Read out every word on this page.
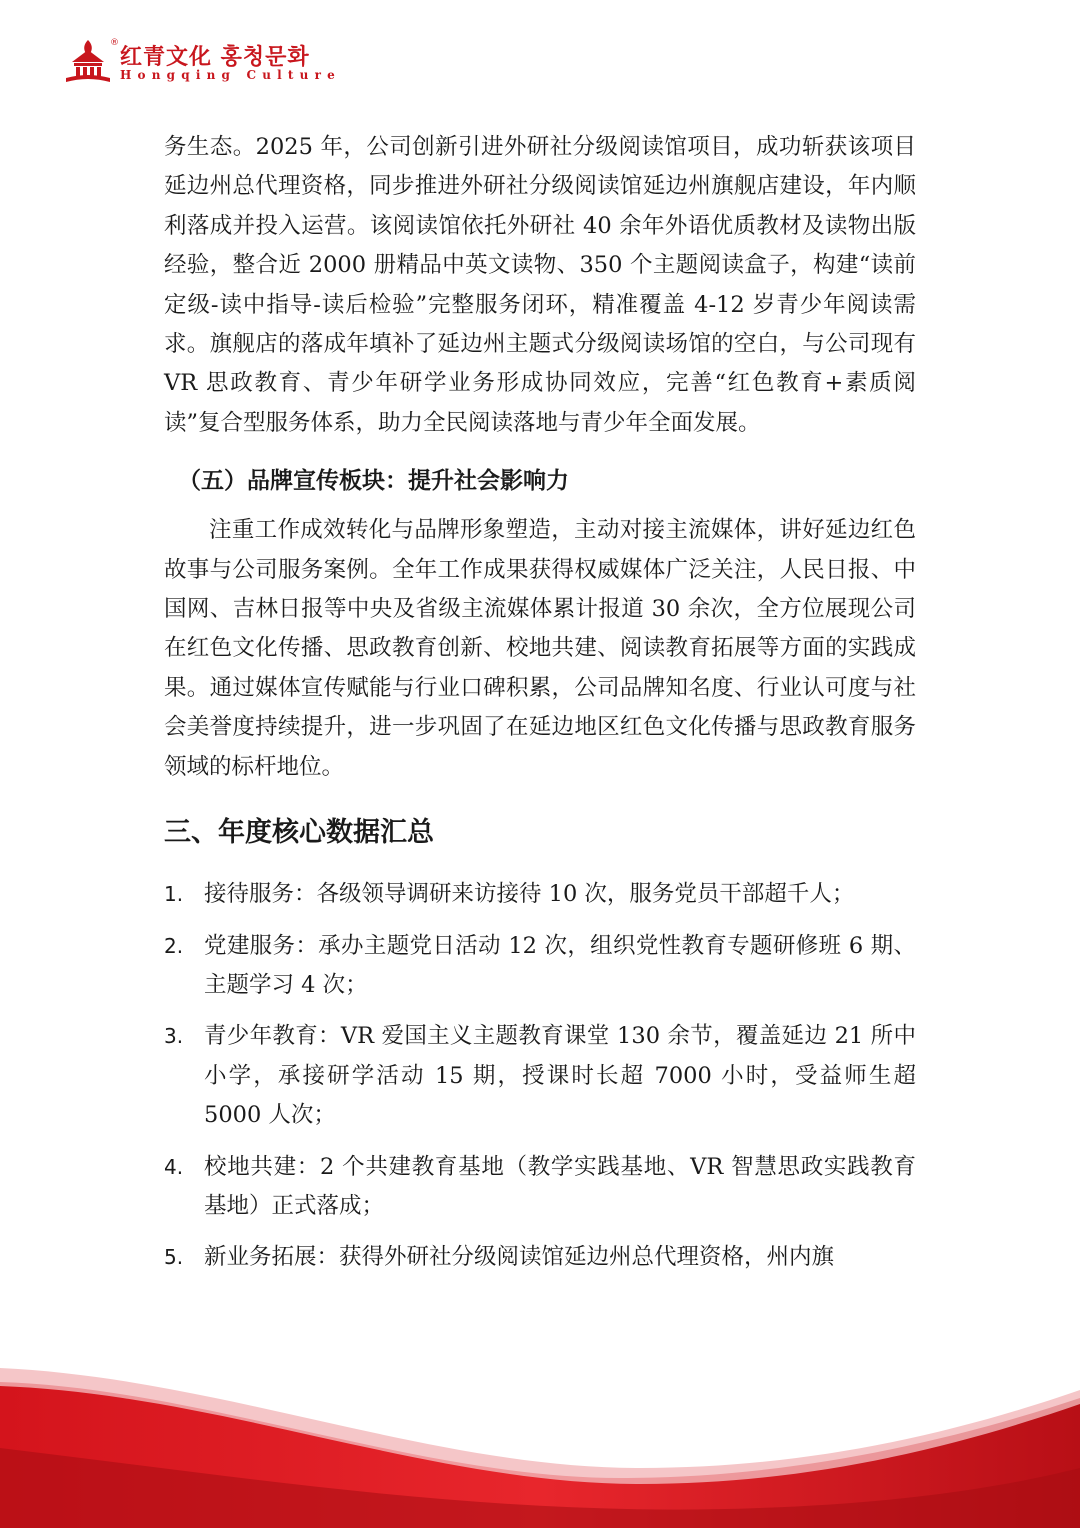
®
红青文化 홍청문화
Hongqing Culture

务生态。2025 年，公司创新引进外研社分级阅读馆项目，成功斩获该项目延边州总代理资格，同步推进外研社分级阅读馆延边州旗舰店建设，年内顺利落成并投入运营。该阅读馆依托外研社 40 余年外语优质教材及读物出版经验，整合近 2000 册精品中英文读物、350 个主题阅读盒子，构建“读前定级-读中指导-读后检验”完整服务闭环，精准覆盖 4-12 岁青少年阅读需求。旗舰店的落成年填补了延边州主题式分级阅读场馆的空白，与公司现有 VR 思政教育、青少年研学业务形成协同效应，完善“红色教育+素质阅读”复合型服务体系，助力全民阅读落地与青少年全面发展。

（五）品牌宣传板块：提升社会影响力

注重工作成效转化与品牌形象塑造，主动对接主流媒体，讲好延边红色故事与公司服务案例。全年工作成果获得权威媒体广泛关注，人民日报、中国网、吉林日报等中央及省级主流媒体累计报道 30 余次，全方位展现公司在红色文化传播、思政教育创新、校地共建、阅读教育拓展等方面的实践成果。通过媒体宣传赋能与行业口碑积累，公司品牌知名度、行业认可度与社会美誉度持续提升，进一步巩固了在延边地区红色文化传播与思政教育服务领域的标杆地位。

三、年度核心数据汇总
1. 接待服务：各级领导调研来访接待 10 次，服务党员干部超千人；
2. 党建服务：承办主题党日活动 12 次，组织党性教育专题研修班 6 期、主题学习 4 次；
3. 青少年教育：VR 爱国主义主题教育课堂 130 余节，覆盖延边 21 所中小学，承接研学活动 15 期，授课时长超 7000 小时，受益师生超 5000 人次；
4. 校地共建：2 个共建教育基地（教学实践基地、VR 智慧思政实践教育基地）正式落成；
5. 新业务拓展：获得外研社分级阅读馆延边州总代理资格，州内旗
